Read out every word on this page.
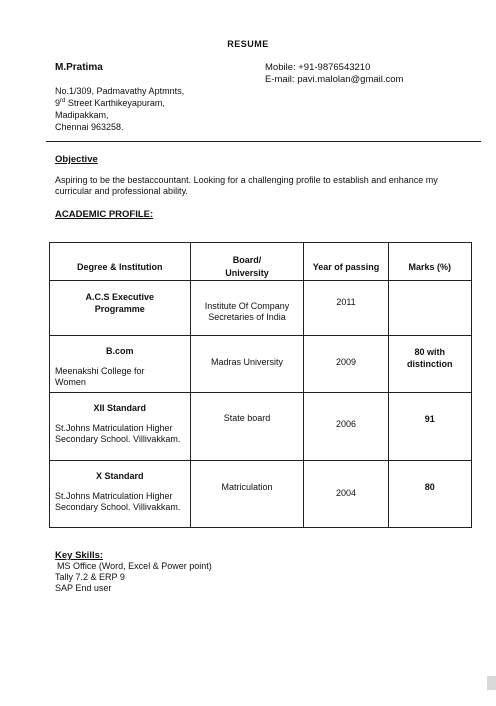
RESUME
M.Pratima
No.1/309, Padmavathy Aptmnts,
9rd Street Karthikeyapuram,
Madipakkam,
Chennai 963258.
Mobile: +91-9876543210
E-mail: pavi.malolan@gmail.com
Objective
Aspiring to be the bestaccountant. Looking for a challenging profile to establish and enhance my curricular and professional ability.
ACADEMIC PROFILE:
Degree & Institution	Board/ University	Year of passing	Marks (%)

A.C.S Executive Programme	Institute Of Company Secretaries of India	2011	

B.com
Meenakshi College for Women	Madras University	2009	80 with distinction

XII Standard
St.Johns Matriculation Higher Secondary School. Villivakkam.	State board	2006	91

X Standard
St.Johns Matriculation Higher Secondary School. Villivakkam.	Matriculation	2004	80
Key Skills:
MS Office (Word, Excel & Power point)
Tally 7.2 & ERP 9
SAP End user
